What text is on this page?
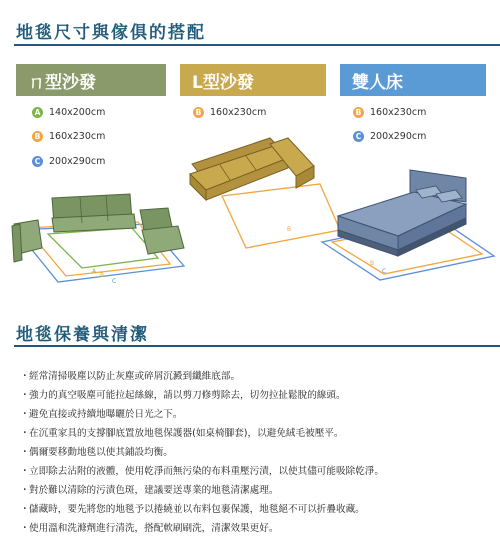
地毯尺寸與傢俱的搭配
ㄇ型沙發	L型沙發	雙人床
A 140x200cm
B 160x230cm
C 200x290cm
B 160x230cm	B 160x230cm
C 200x290cm
A
B
C
B
B
C
地毯保養與清潔
・經常清掃吸塵以防止灰塵或碎屑沉澱到纖維底部。
・強力的真空吸塵可能拉起絲線，請以剪刀修剪除去，切勿拉扯鬆脫的線頭。
・避免直接或持續地曝曬於日光之下。
・在沉重家具的支撐腳底置放地毯保護器(如桌椅腳套)，以避免絨毛被壓平。
・偶爾要移動地毯以使其鋪設均衡。
・立即除去沾附的液體，使用乾淨而無污染的布料重壓污漬，以使其儘可能吸除乾淨。
・對於難以清除的污漬色斑，建議要送專業的地毯清潔處理。
・儲藏時，要先將您的地毯予以捲繞並以布料包裹保護，地毯絕不可以折疊收藏。
・使用溫和洗滌劑進行清洗，搭配軟刷刷洗，清潔效果更好。
